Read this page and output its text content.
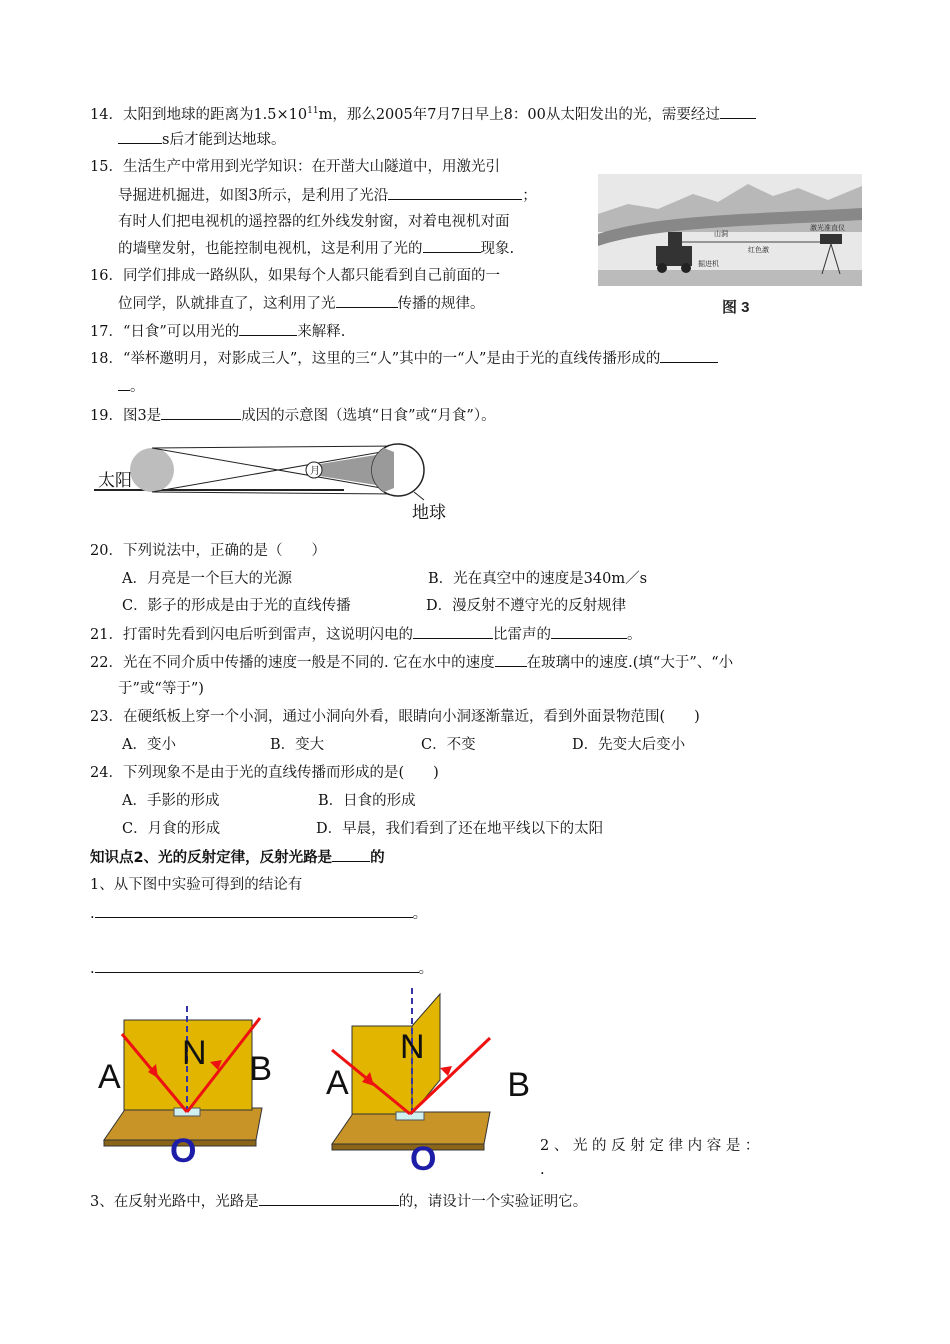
14．太阳到地球的距离为$1.5\times 10^{11}m$，那么2005年7月7日早上8：00从太阳发出的光，需要经过
s后才能到达地球。
15．生活生产中常用到光学知识：在开凿大山隧道中，用激光引
导掘进机掘进，如图3所示，是利用了光沿	；
有时人们把电视机的遥控器的红外线发射窗，对着电视机对面
的墙壁发射，也能控制电视机，这是利用了光的	现象.
山洞
红色激
掘进机
激光准直仪
图 3
16．同学们排成一路纵队，如果每个人都只能看到自己前面的一
位同学，队就排直了，这利用了光	传播的规律。
17．“日食”可以用光的	来解释.
18．“举杯邀明月，对影成三人”，这里的三“人”其中的一“人”是由于光的直线传播形成的
。
19．图3是	成因的示意图（选填“日食”或“月食”）。
月
太阳
地球
20．下列说法中，正确的是（　　）
A．月亮是一个巨大的光源	B．光在真空中的速度是340m／s
C．影子的形成是由于光的直线传播	D．漫反射不遵守光的反射规律
21．打雷时先看到闪电后听到雷声，这说明闪电的	比雷声的	。
22．光在不同介质中传播的速度一般是不同的. 它在水中的速度 在玻璃中的速度.(填“大于”、“小
于”或“等于”)
23．在硬纸板上穿一个小洞，通过小洞向外看，眼睛向小洞逐渐靠近，看到外面景物范围(　　)
A．变小	B．变大	C．不变	D．先变大后变小
24．下列现象不是由于光的直线传播而形成的是(　　)
A．手影的形成	B．日食的形成
C．月食的形成	D．早晨，我们看到了还在地平线以下的太阳
知识点2、光的反射定律，反射光路是	的
1、从下图中实验可得到的结论有
.	。
.	。
N
A	B
O
N
A	B
O	2 、 光 的 反 射 定 律 内 容 是 ：
.
3、在反射光路中，光路是	的，请设计一个实验证明它。
